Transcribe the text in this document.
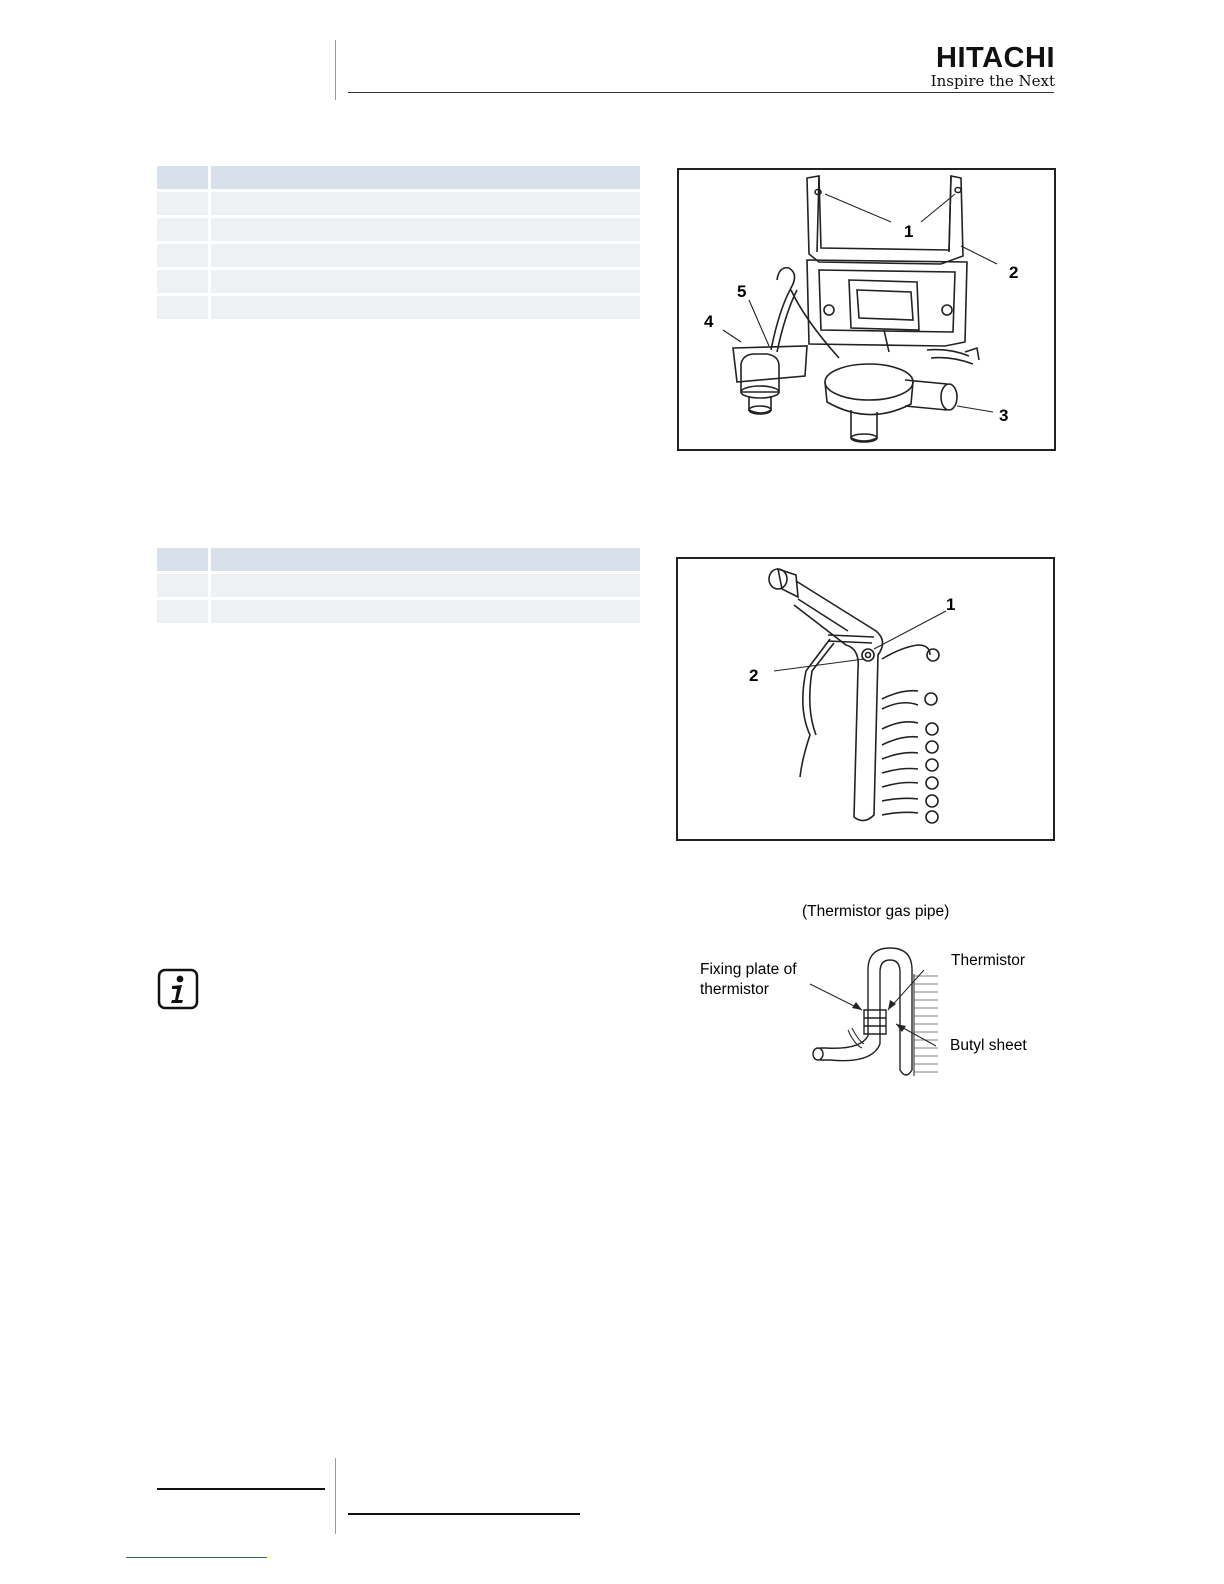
HITACHI
Inspire the Next
1
2
3
4
5
1
2
(Thermistor gas pipe)
Fixing plate of
thermistor
Thermistor
Butyl sheet
